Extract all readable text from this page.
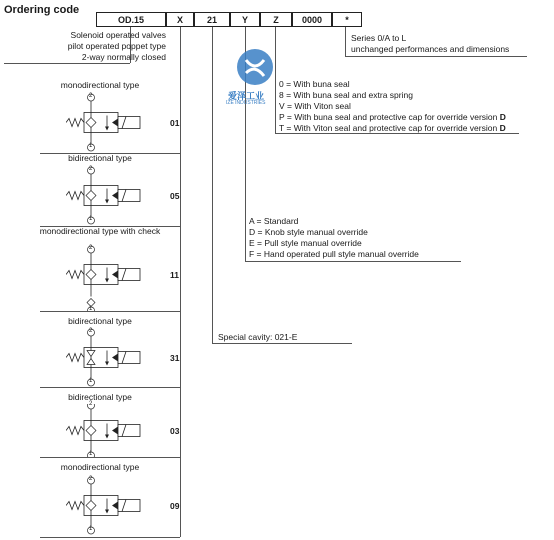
Ordering code
OD.15	X	21	Y	Z	0000	*
Solenoid operated valves
pilot operated poppet type
2-way normally closed
Series 0/A to L
unchanged performances and dimensions
爱泽工业
IZE INDUSTRIES
0 = With buna seal
8 = With buna seal and extra spring
V = With Viton seal
P = With buna seal and protective cap for override version D
T = With Viton seal and protective cap for override version D
A = Standard
D = Knob style manual override
E = Pull style manual override
F = Hand operated pull style manual override
Special cavity: 021-E
monodirectional type
01
2
1
bidirectional type
05
2
1
monodirectional type with check
11
2
1
bidirectional type
31
2
1
bidirectional type
03
2
1
monodirectional type
09
2
1
